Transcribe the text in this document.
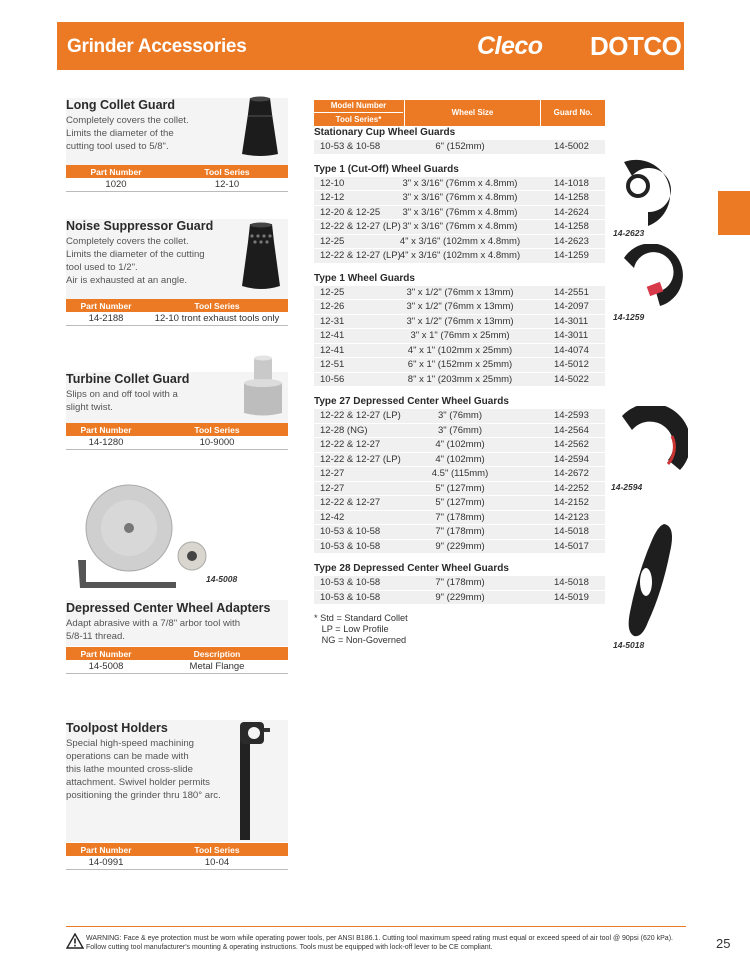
Grinder Accessories	Cleco DOTCO
Long Collet Guard
Completely covers the collet.
Limits the diameter of the
cutting tool used to 5/8".
Part Number	Tool Series
1020	12-10
Noise Suppressor Guard
Completely covers the collet.
Limits the diameter of the cutting
tool used to 1/2".
Air is exhausted at an angle.
Part Number	Tool Series
14-2188	12-10 tront exhaust tools only
Turbine Collet Guard
Slips on and off tool with a
slight twist.
Part Number	Tool Series
14-1280	10-9000
14-5008
Depressed Center Wheel Adapters
Adapt abrasive with a 7/8" arbor tool with
5/8-11 thread.
Part Number	Description
14-5008	Metal Flange
Toolpost Holders
Special high-speed machining
operations can be made with
this lathe mounted cross-slide
attachment. Swivel holder permits
positioning the grinder thru 180° arc.
Part Number	Tool Series
14-0991	10-04
Model Number
Tool Series*
Wheel Size	Guard No.
Stationary Cup Wheel Guards
10-53 & 10-58	6" (152mm)	14-5002
Type 1 (Cut-Off) Wheel Guards
12-10	3" x 3/16" (76mm x 4.8mm)	14-1018
12-12	3" x 3/16" (76mm x 4.8mm)	14-1258
12-20 & 12-25	3" x 3/16" (76mm x 4.8mm)	14-2624
12-22 & 12-27 (LP) 3" x 3/16" (76mm x 4.8mm)	14-1258
12-25	4" x 3/16" (102mm x 4.8mm)	14-2623
12-22 & 12-27 (LP) 4" x 3/16" (102mm x 4.8mm)	14-1259
Type 1 Wheel Guards
12-25	3" x 1/2" (76mm x 13mm)	14-2551
12-26	3" x 1/2" (76mm x 13mm)	14-2097
12-31	3" x 1/2" (76mm x 13mm)	14-3011
12-41	3" x 1" (76mm x 25mm)	14-3011
12-41	4" x 1" (102mm x 25mm)	14-4074
12-51	6" x 1" (152mm x 25mm)	14-5012
10-56	8" x 1" (203mm x 25mm)	14-5022
Type 27 Depressed Center Wheel Guards
12-22 & 12-27 (LP)	3" (76mm)	14-2593
12-28 (NG)	3" (76mm)	14-2564
12-22 & 12-27	4" (102mm)	14-2562
12-22 & 12-27 (LP)	4" (102mm)	14-2594
12-27	4.5" (115mm)	14-2672
12-27	5" (127mm)	14-2252
12-22 & 12-27	5" (127mm)	14-2152
12-42	7" (178mm)	14-2123
10-53 & 10-58	7" (178mm)	14-5018
10-53 & 10-58	9" (229mm)	14-5017
Type 28 Depressed Center Wheel Guards
10-53 & 10-58	7" (178mm)	14-5018
10-53 & 10-58	9" (229mm)	14-5019
* Std = Standard Collet
LP = Low Profile
NG = Non-Governed
14-2623
14-1259
14-2594
14-5018
WARNING: Face & eye protection must be worn while operating power tools, per ANSI B186.1. Cutting tool maximum speed rating must equal or exceed speed of air tool @ 90psi (620 kPa). Follow cutting tool manufacturer's mounting & operating instructions. Tools must be equipped with lock-off lever to be CE compliant.	25
